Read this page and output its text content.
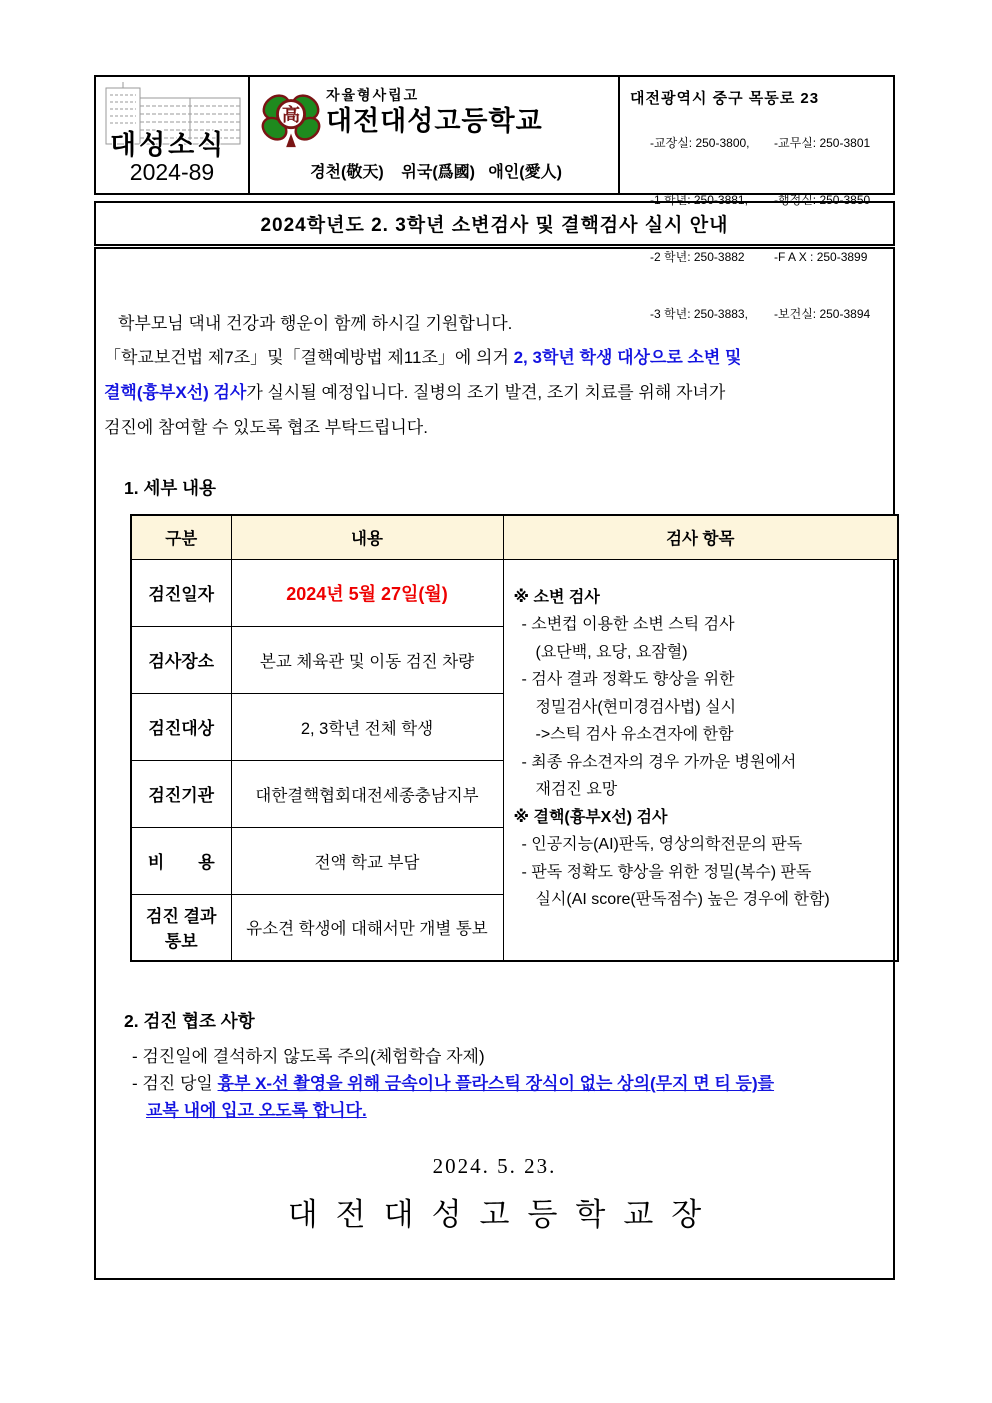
대성소식
2024-89
高
자율형사립고
대전대성고등학교
경천(敬天)    위국(爲國)   애인(愛人)
대전광역시 중구 목동로 23

-교장실: 250-3800, -교무실: 250-3801

-1 학년: 250-3881, -행정실: 250-3850

-2 학년: 250-3882 -F A X : 250-3899

-3 학년: 250-3883, -보건실: 250-3894

2024학년도 2. 3학년 소변검사 및 결핵검사 실시 안내
학부모님 댁내 건강과 행운이 함께 하시길 기원합니다.
「학교보건법 제7조」및「결핵예방법 제11조」에 의거 2, 3학년 학생 대상으로 소변 및
결핵(흉부X선) 검사가 실시될 예정입니다. 질병의 조기 발견, 조기 치료를 위해 자녀가
검진에 참여할 수 있도록 협조 부탁드립니다.
1. 세부 내용
구분	내용	검사 항목
검진일자	2024년 5월 27일(월)	※ 소변 검사
- 소변컵 이용한 소변 스틱 검사
(요단백, 요당, 요잠혈)
- 검사 결과 정확도 향상을 위한
정밀검사(현미경검사법) 실시
->스틱 검사 유소견자에 한함
- 최종 유소견자의 경우 가까운 병원에서
재검진 요망
※ 결핵(흉부X선) 검사
- 인공지능(AI)판독, 영상의학전문의 판독
- 판독 정확도 향상을 위한 정밀(복수) 판독
실시(AI score(판독점수) 높은 경우에 한함)

검사장소	본교 체육관 및 이동 검진 차량	
검진대상	2, 3학년 전체 학생	
검진기관	대한결핵협회대전세종충남지부	
비　　용	전액 학교 부담	
검진 결과 통보	유소견 학생에 대해서만 개별 통보	
2. 검진 협조 사항
- 검진일에 결석하지 않도록 주의(체험학습 자제)
- 검진 당일 흉부 X-선 촬영을 위해 금속이나 플라스틱 장식이 없는 상의(무지 면 티 등)를
교복 내에 입고 오도록 합니다.
2024. 5. 23.
대전대성고등학교장
